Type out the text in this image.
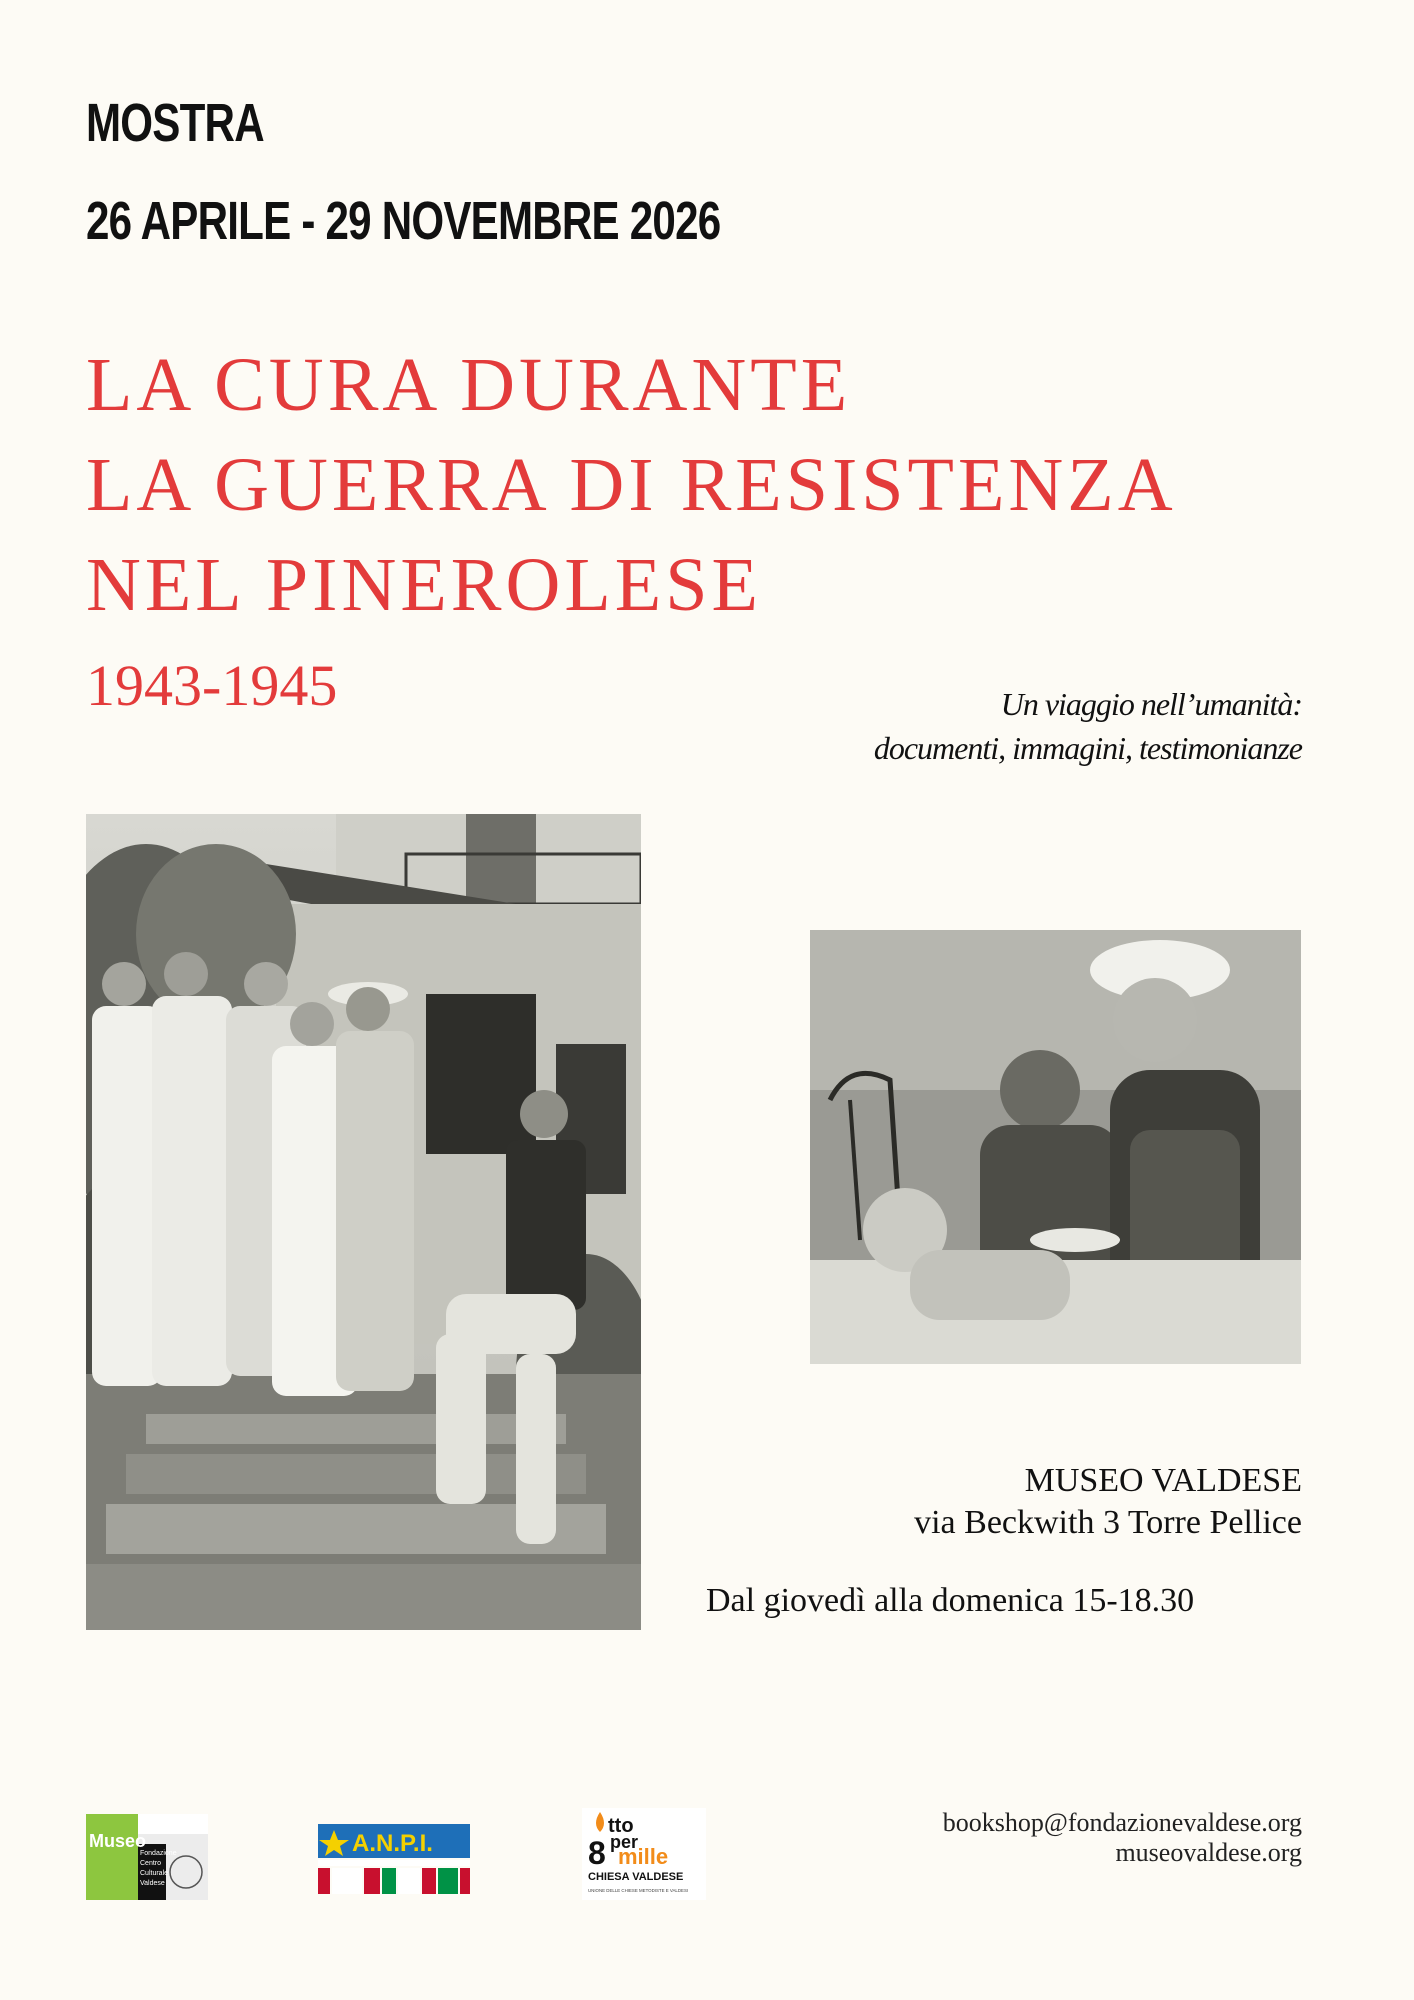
MOSTRA
26 APRILE - 29 NOVEMBRE 2026
LA CURA DURANTE
LA GUERRA DI RESISTENZA
NEL PINEROLESE
1943-1945	Un viaggio nell’umanità:
documenti, immagini, testimonianze
MUSEO VALDESE
via Beckwith 3 Torre Pellice
Dal giovedì alla domenica 15-18.30
Museo
Fondazione
Centro
Culturale
Valdese
A.N.P.I.
tto
8 per
mille
CHIESA VALDESE
UNIONE DELLE CHIESE METODISTE E VALDESI
bookshop@fondazionevaldese.org
museovaldese.org
